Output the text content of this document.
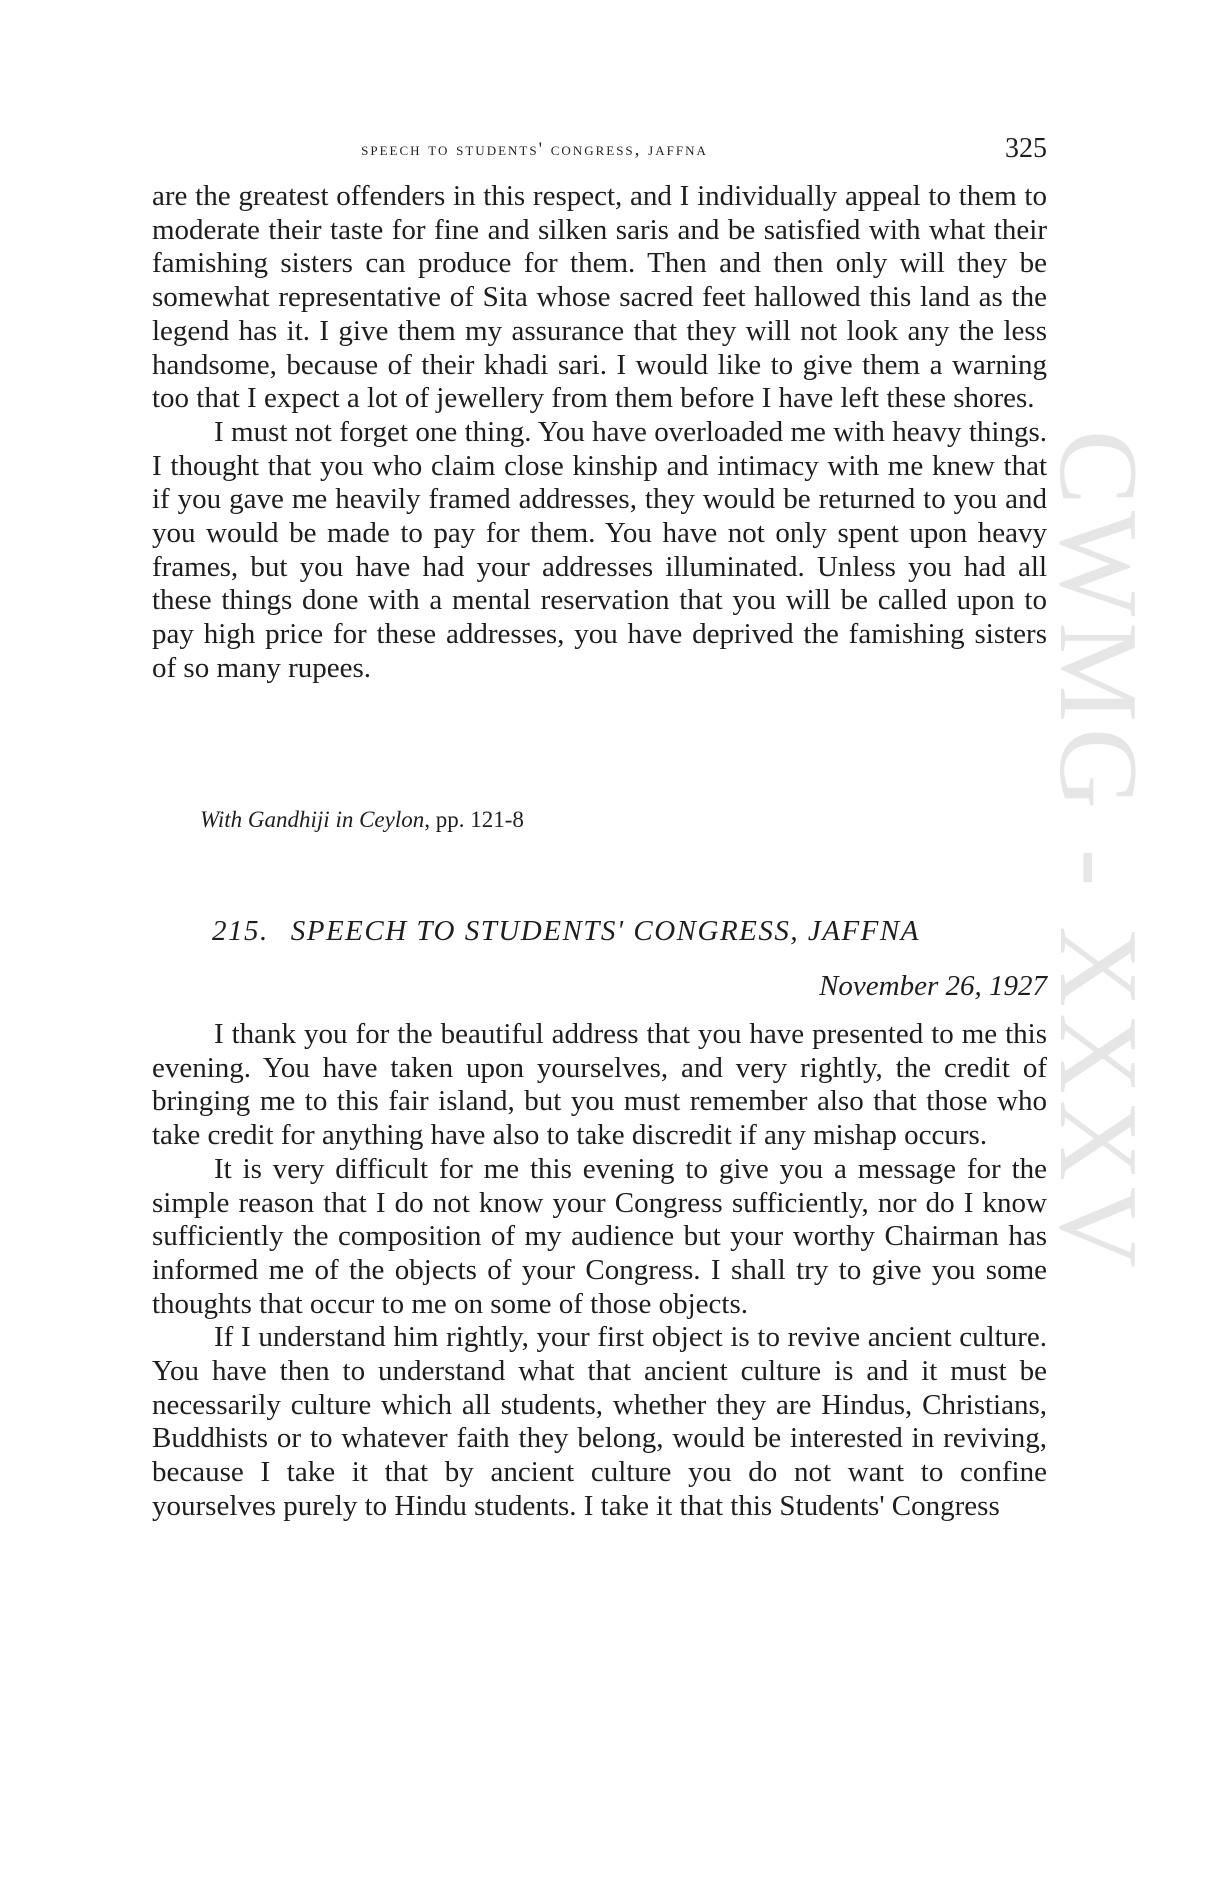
speech to students' congress, jaffna	325

are the greatest offenders in this respect, and I individually appeal to them to moderate their taste for fine and silken saris and be satisfied with what their famishing sisters can produce for them. Then and then only will they be somewhat representative of Sita whose sacred feet hallowed this land as the legend has it. I give them my assurance that they will not look any the less handsome, because of their khadi sari. I would like to give them a warning too that I expect a lot of jewellery from them before I have left these shores.

I must not forget one thing. You have overloaded me with heavy things. I thought that you who claim close kinship and intimacy with me knew that if you gave me heavily framed addresses, they would be returned to you and you would be made to pay for them. You have not only spent upon heavy frames, but you have had your addresses illuminated. Unless you had all these things done with a mental reservation that you will be called upon to pay high price for these addresses, you have deprived the famishing sisters of so many rupees.

With Gandhiji in Ceylon, pp. 121-8
215. SPEECH TO STUDENTS' CONGRESS, JAFFNA
November 26, 1927

I thank you for the beautiful address that you have presented to me this evening. You have taken upon yourselves, and very rightly, the credit of bringing me to this fair island, but you must remember also that those who take credit for anything have also to take discredit if any mishap occurs.

It is very difficult for me this evening to give you a message for the simple reason that I do not know your Congress sufficiently, nor do I know sufficiently the composition of my audience but your worthy Chairman has informed me of the objects of your Congress. I shall try to give you some thoughts that occur to me on some of those objects.

If I understand him rightly, your first object is to revive ancient culture. You have then to understand what that ancient culture is and it must be necessarily culture which all students, whether they are Hindus, Christians, Buddhists or to whatever faith they belong, would be interested in reviving, because I take it that by ancient culture you do not want to confine yourselves purely to Hindu students. I take it that this Students' Congress

CWMG - XXXV
